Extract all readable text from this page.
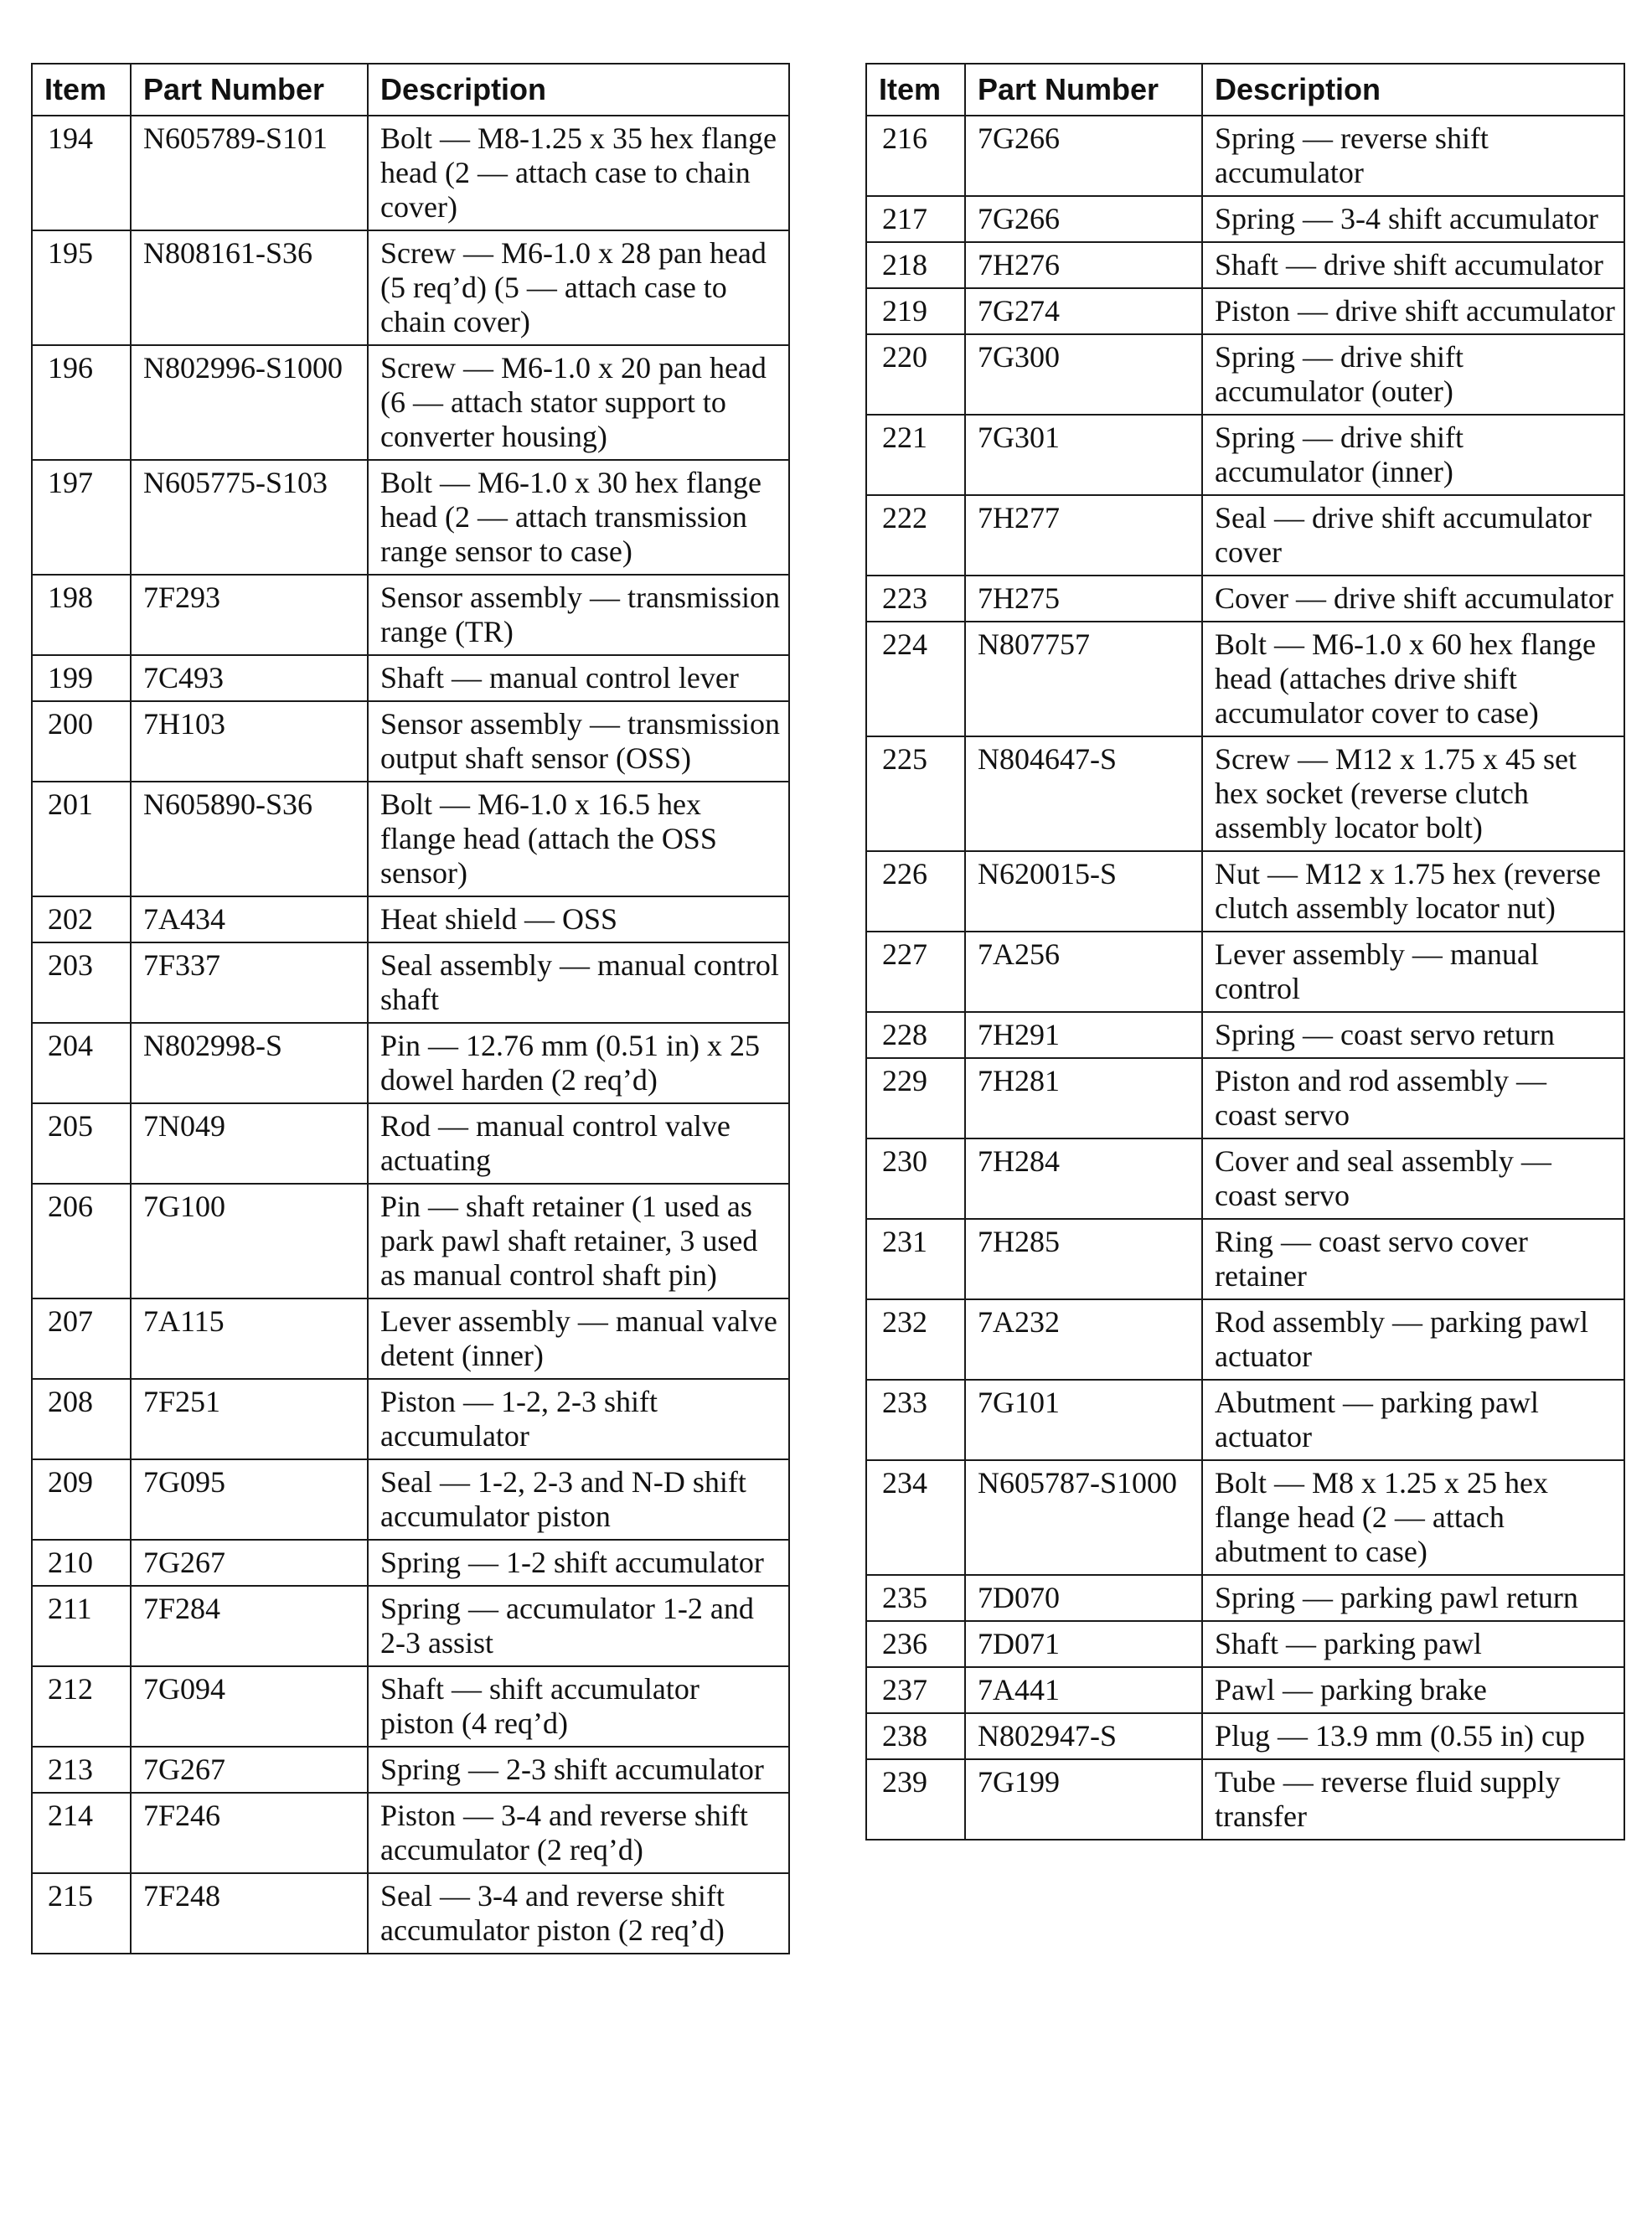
Item	Part Number	Description
194	N605789-S101	Bolt — M8-1.25 x 35 hex flange head (2 — attach case to chain cover)
195	N808161-S36	Screw — M6-1.0 x 28 pan head (5 req’d) (5 — attach case to chain cover)
196	N802996-S1000	Screw — M6-1.0 x 20 pan head (6 — attach stator support to converter housing)
197	N605775-S103	Bolt — M6-1.0 x 30 hex flange head (2 — attach transmission range sensor to case)
198	7F293	Sensor assembly — transmission range (TR)
199	7C493	Shaft — manual control lever
200	7H103	Sensor assembly — transmission output shaft sensor (OSS)
201	N605890-S36	Bolt — M6-1.0 x 16.5 hex flange head (attach the OSS sensor)
202	7A434	Heat shield — OSS
203	7F337	Seal assembly — manual control shaft
204	N802998-S	Pin — 12.76 mm (0.51 in) x 25 dowel harden (2 req’d)
205	7N049	Rod — manual control valve actuating
206	7G100	Pin — shaft retainer (1 used as park pawl shaft retainer, 3 used as manual control shaft pin)
207	7A115	Lever assembly — manual valve detent (inner)
208	7F251	Piston — 1-2, 2-3 shift accumulator
209	7G095	Seal — 1-2, 2-3 and N-D shift accumulator piston
210	7G267	Spring — 1-2 shift accumulator
211	7F284	Spring — accumulator 1-2 and 2-3 assist
212	7G094	Shaft — shift accumulator piston (4 req’d)
213	7G267	Spring — 2-3 shift accumulator
214	7F246	Piston — 3-4 and reverse shift accumulator (2 req’d)
215	7F248	Seal — 3-4 and reverse shift accumulator piston (2 req’d)
Item	Part Number	Description
216	7G266	Spring — reverse shift accumulator
217	7G266	Spring — 3-4 shift accumulator
218	7H276	Shaft — drive shift accumulator
219	7G274	Piston — drive shift accumulator
220	7G300	Spring — drive shift accumulator (outer)
221	7G301	Spring — drive shift accumulator (inner)
222	7H277	Seal — drive shift accumulator cover
223	7H275	Cover — drive shift accumulator
224	N807757	Bolt — M6-1.0 x 60 hex flange head (attaches drive shift accumulator cover to case)
225	N804647-S	Screw — M12 x 1.75 x 45 set hex socket (reverse clutch assembly locator bolt)
226	N620015-S	Nut — M12 x 1.75 hex (reverse clutch assembly locator nut)
227	7A256	Lever assembly — manual control
228	7H291	Spring — coast servo return
229	7H281	Piston and rod assembly — coast servo
230	7H284	Cover and seal assembly — coast servo
231	7H285	Ring — coast servo cover retainer
232	7A232	Rod assembly — parking pawl actuator
233	7G101	Abutment — parking pawl actuator
234	N605787-S1000	Bolt — M8 x 1.25 x 25 hex flange head (2 — attach abutment to case)
235	7D070	Spring — parking pawl return
236	7D071	Shaft — parking pawl
237	7A441	Pawl — parking brake
238	N802947-S	Plug — 13.9 mm (0.55 in) cup
239	7G199	Tube — reverse fluid supply transfer
